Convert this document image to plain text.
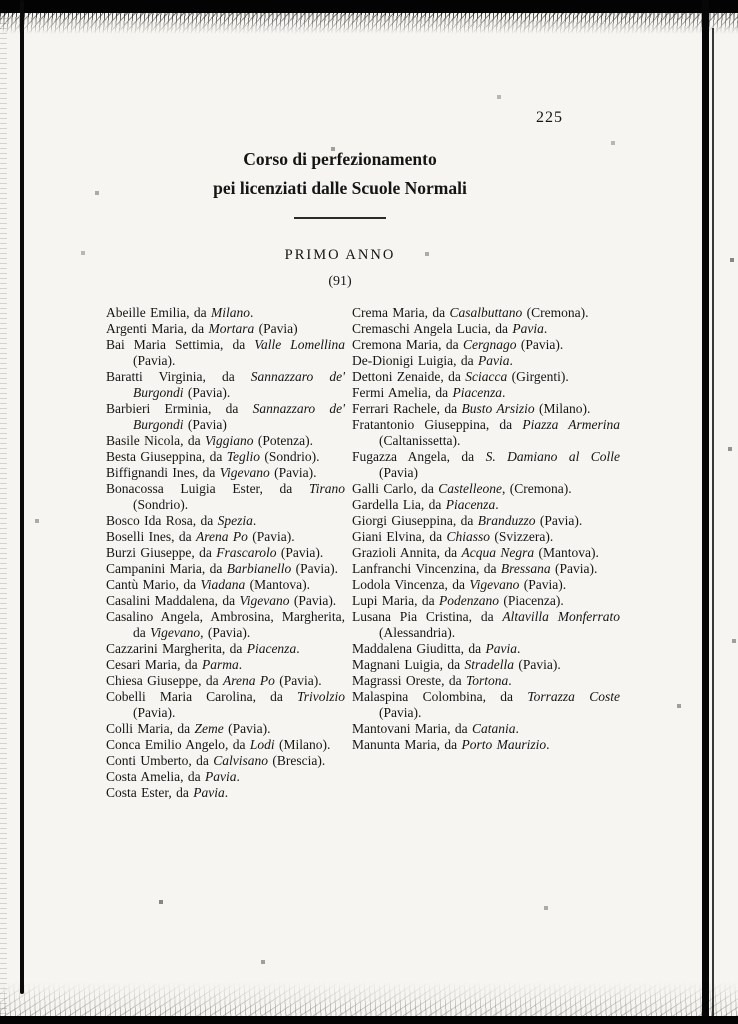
225

Corso di perfezionamento

pei licenziati dalle Scuole Normali

PRIMO ANNO

(91)

Abeille Emilia, da Milano.

Argenti Maria, da Mortara (Pavia)

Bai Maria Settimia, da Valle Lomellina (Pavia).

Baratti Virginia, da Sannazzaro de' Burgondi (Pavia).

Barbieri Erminia, da Sannazzaro de' Burgondi (Pavia)

Basile Nicola, da Viggiano (Potenza).

Besta Giuseppina, da Teglio (Sondrio).

Biffignandi Ines, da Vigevano (Pavia).

Bonacossa Luigia Ester, da Tirano (Sondrio).

Bosco Ida Rosa, da Spezia.

Boselli Ines, da Arena Po (Pavia).

Burzi Giuseppe, da Frascarolo (Pavia).

Campanini Maria, da Barbianello (Pavia).

Cantù Mario, da Viadana (Mantova).

Casalini Maddalena, da Vigevano (Pavia).

Casalino Angela, Ambrosina, Margherita, da Vigevano, (Pavia).

Cazzarini Margherita, da Piacenza.

Cesari Maria, da Parma.

Chiesa Giuseppe, da Arena Po (Pavia).

Cobelli Maria Carolina, da Trivolzio (Pavia).

Colli Maria, da Zeme (Pavia).

Conca Emilio Angelo, da Lodi (Milano).

Conti Umberto, da Calvisano (Brescia).

Costa Amelia, da Pavia.

Costa Ester, da Pavia.

Crema Maria, da Casalbuttano (Cremona).

Cremaschi Angela Lucia, da Pavia.

Cremona Maria, da Cergnago (Pavia).

De-Dionigi Luigia, da Pavia.

Dettoni Zenaide, da Sciacca (Girgenti).

Fermi Amelia, da Piacenza.

Ferrari Rachele, da Busto Arsizio (Milano).

Fratantonio Giuseppina, da Piazza Armerina (Caltanissetta).

Fugazza Angela, da S. Damiano al Colle (Pavia)

Galli Carlo, da Castelleone, (Cremona).

Gardella Lia, da Piacenza.

Giorgi Giuseppina, da Branduzzo (Pavia).

Giani Elvina, da Chiasso (Svizzera).

Grazioli Annita, da Acqua Negra (Mantova).

Lanfranchi Vincenzina, da Bressana (Pavia).

Lodola Vincenza, da Vigevano (Pavia).

Lupi Maria, da Podenzano (Piacenza).

Lusana Pia Cristina, da Altavilla Monferrato (Alessandria).

Maddalena Giuditta, da Pavia.

Magnani Luigia, da Stradella (Pavia).

Magrassi Oreste, da Tortona.

Malaspina Colombina, da Torrazza Coste (Pavia).

Mantovani Maria, da Catania.

Manunta Maria, da Porto Maurizio.
